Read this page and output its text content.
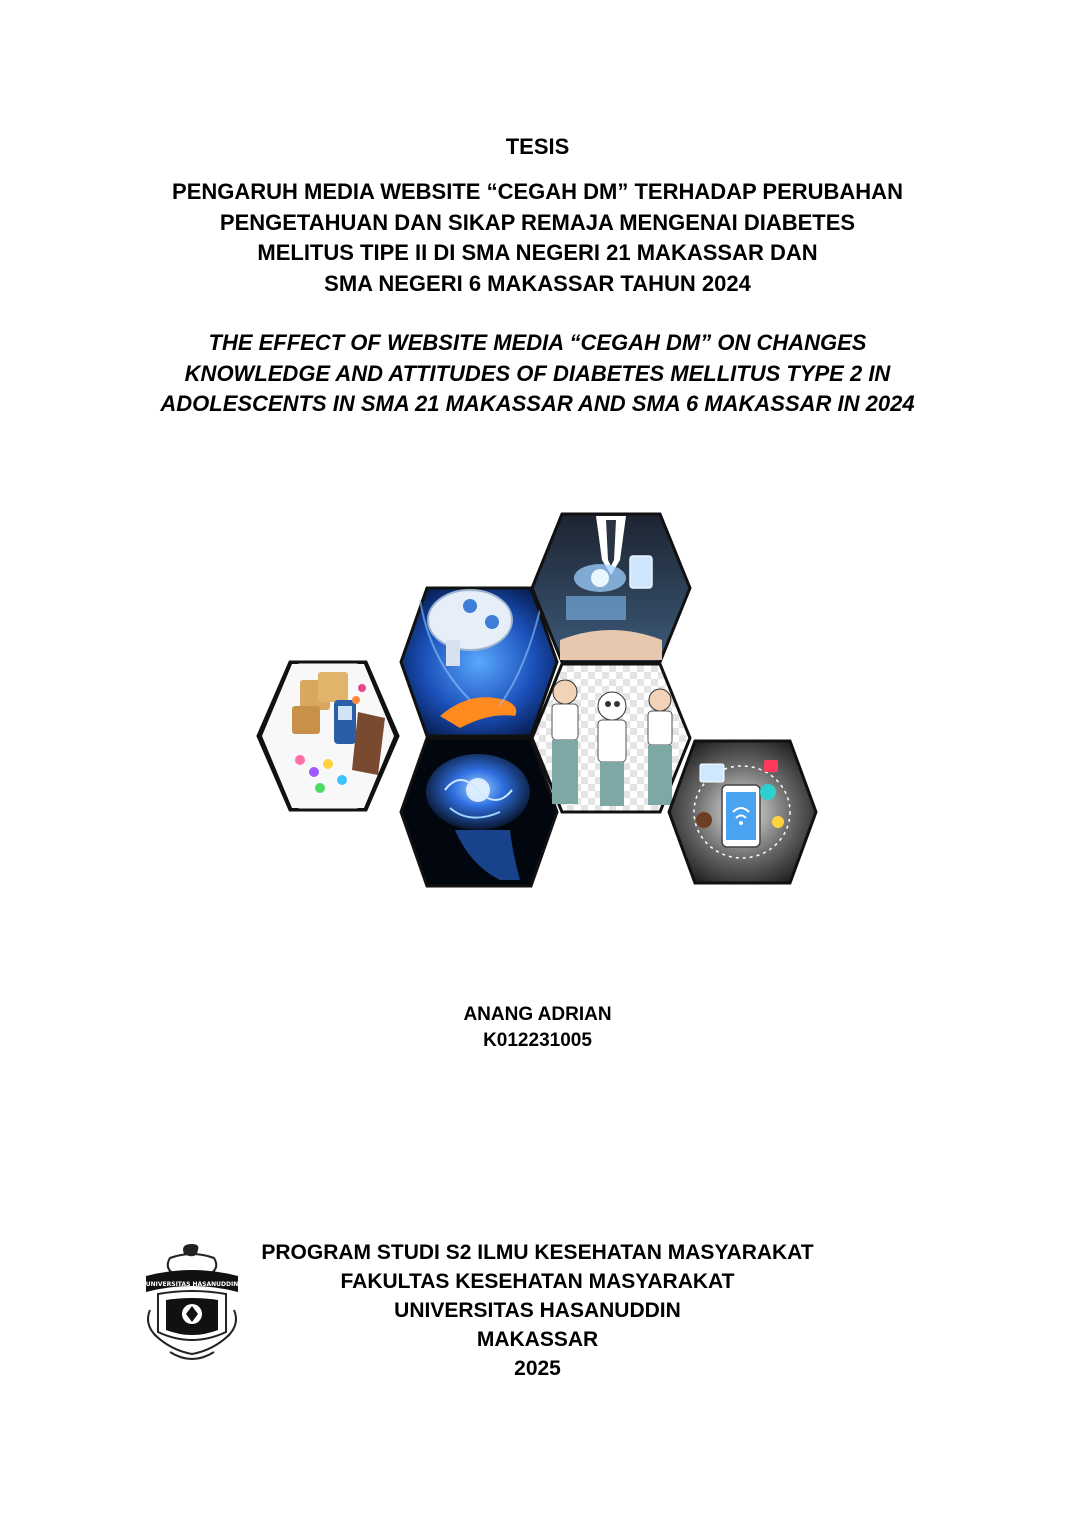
TESIS
PENGARUH MEDIA WEBSITE “CEGAH DM” TERHADAP PERUBAHAN
PENGETAHUAN DAN SIKAP REMAJA MENGENAI DIABETES
MELITUS TIPE II DI SMA NEGERI 21 MAKASSAR DAN
SMA NEGERI 6 MAKASSAR TAHUN 2024
THE EFFECT OF WEBSITE MEDIA “CEGAH DM” ON CHANGES
KNOWLEDGE AND ATTITUDES OF DIABETES MELLITUS TYPE 2 IN
ADOLESCENTS IN SMA 21 MAKASSAR AND SMA 6 MAKASSAR IN 2024
ANANG ADRIAN
K012231005
UNIVERSITAS HASANUDDIN
PROGRAM STUDI S2 ILMU KESEHATAN MASYARAKAT
FAKULTAS KESEHATAN MASYARAKAT
UNIVERSITAS HASANUDDIN
MAKASSAR
2025
